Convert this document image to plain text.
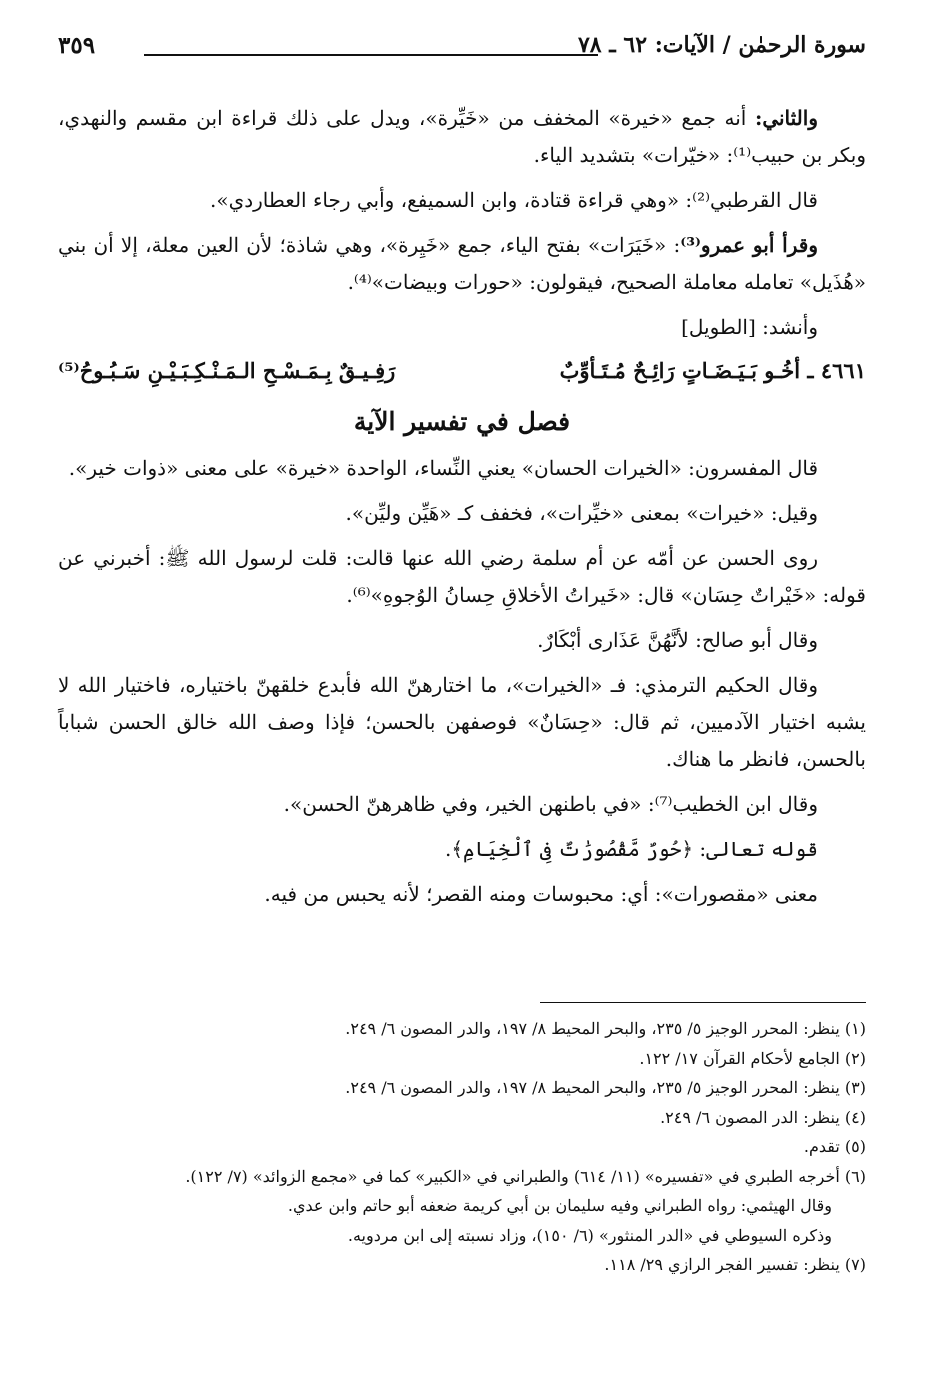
سورة الرحمٰن / الآيات: ٦٢ ـ ٧٨
٣٥٩

والثاني: أنه جمع «خيرة» المخفف من «خَيِّرة»، ويدل على ذلك قراءة ابن مقسم والنهدي، وبكر بن حبيب⁽¹⁾: «خيّرات» بتشديد الياء.

قال القرطبي⁽²⁾: «وهي قراءة قتادة، وابن السميفع، وأبي رجاء العطاردي».

وقرأ أبو عمرو⁽³⁾: «خَيَرَات» بفتح الياء، جمع «خَيِرة»، وهي شاذة؛ لأن العين معلة، إلا أن بني «هُذَيل» تعامله معاملة الصحيح، فيقولون: «حورات وبيضات»⁽⁴⁾.

وأنشد: [الطويل]

٤٦٦١ ـ أخُـو بَـيَـضَـاتٍ رَائِـحٌ مُـتَـأوِّبٌ
رَفِـيـقٌ بِـمَـسْـحِ الـمَـنْـكِـبَـيْـنِ سَـبُـوحُ⁽⁵⁾

فصل في تفسير الآية

قال المفسرون: «الخيرات الحسان» يعني النِّساء، الواحدة «خيرة» على معنى «ذوات خير».

وقيل: «خيرات» بمعنى «خيِّرات»، فخفف كـ «هَيِّن وليِّن».

روى الحسن عن أمّه عن أم سلمة رضي الله عنها قالت: قلت لرسول الله ﷺ: أخبرني عن قوله: «خَيْراتٌ حِسَان» قال: «خَيراتُ الأخلاقِ حِسانُ الوُجوهِ»⁽⁶⁾.

وقال أبو صالح: لأنَّهُنَّ عَذَارى أبْكَارٌ.

وقال الحكيم الترمذي: فـ «الخيرات»، ما اختارهنّ الله فأبدع خلقهنّ باختياره، فاختيار الله لا يشبه اختيار الآدميين، ثم قال: «حِسَانٌ» فوصفهن بالحسن؛ فإذا وصف الله خالق الحسن شباباً بالحسن، فانظر ما هناك.

وقال ابن الخطيب⁽⁷⁾: «في باطنهن الخير، وفي ظاهرهنّ الحسن».

قوله تعالى: ﴿حُورٌ مَّقْصُورَٰتٌ فِى ٱلْخِيَامِ﴾.

معنى «مقصورات»: أي: محبوسات ومنه القصر؛ لأنه يحبس من فيه.

(١) ينظر: المحرر الوجيز ٥/ ٢٣٥، والبحر المحيط ٨/ ١٩٧، والدر المصون ٦/ ٢٤٩.

(٢) الجامع لأحكام القرآن ١٧/ ١٢٢.

(٣) ينظر: المحرر الوجيز ٥/ ٢٣٥، والبحر المحيط ٨/ ١٩٧، والدر المصون ٦/ ٢٤٩.

(٤) ينظر: الدر المصون ٦/ ٢٤٩.

(٥) تقدم.

(٦) أخرجه الطبري في «تفسيره» (١١/ ٦١٤) والطبراني في «الكبير» كما في «مجمع الزوائد» (٧/ ١٢٢).

وقال الهيثمي: رواه الطبراني وفيه سليمان بن أبي كريمة ضعفه أبو حاتم وابن عدي.

وذكره السيوطي في «الدر المنثور» (٦/ ١٥٠)، وزاد نسبته إلى ابن مردويه.

(٧) ينظر: تفسير الفجر الرازي ٢٩/ ١١٨.
